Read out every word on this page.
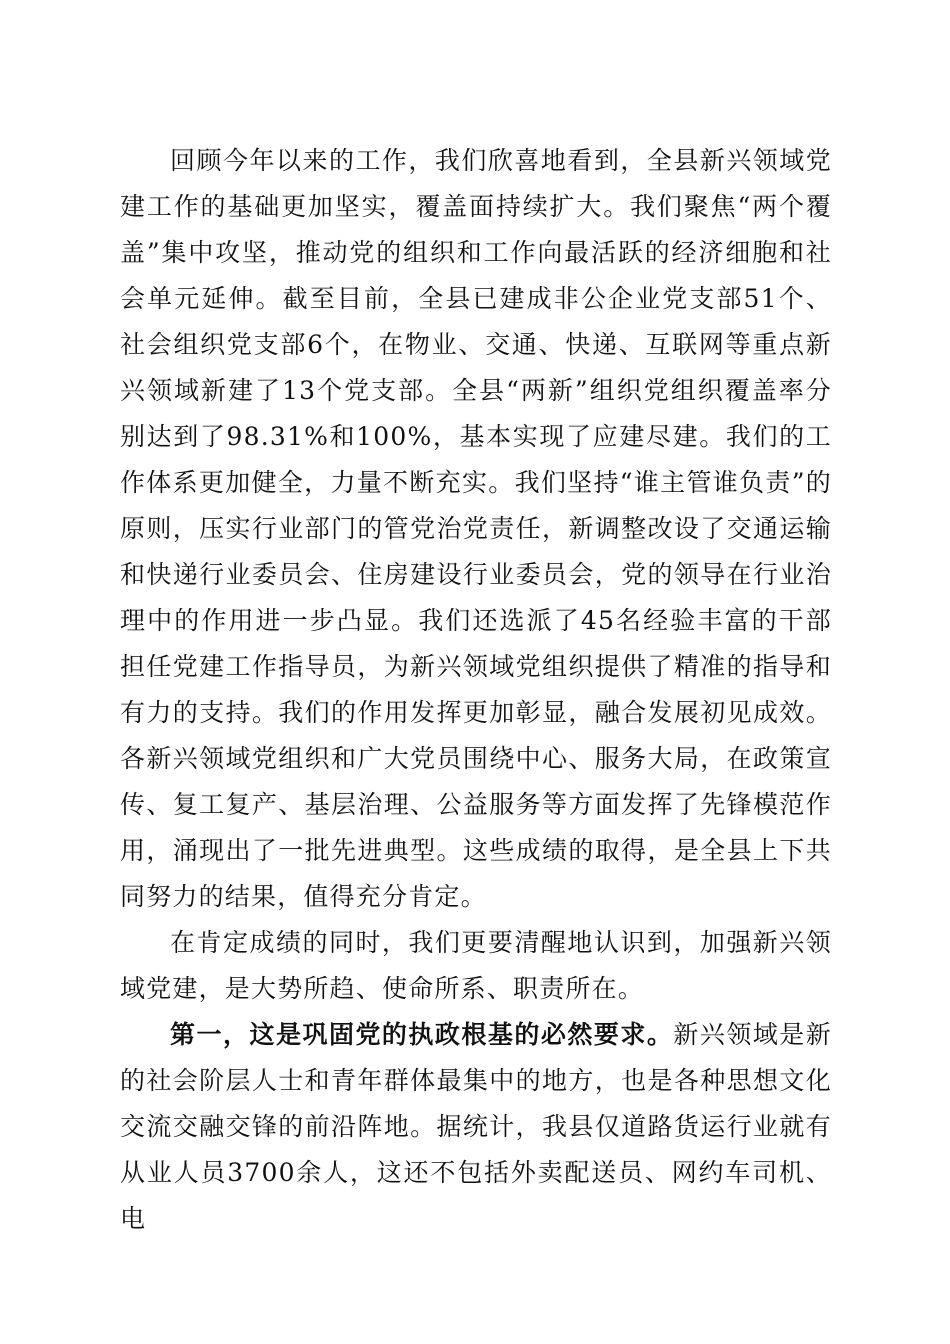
回顾今年以来的工作，我们欣喜地看到，全县新兴领域党建工作的基础更加坚实，覆盖面持续扩大。我们聚焦“两个覆盖”集中攻坚，推动党的组织和工作向最活跃的经济细胞和社会单元延伸。截至目前，全县已建成非公企业党支部51个、社会组织党支部6个，在物业、交通、快递、互联网等重点新兴领域新建了13个党支部。全县“两新”组织党组织覆盖率分别达到了98.31%和100%，基本实现了应建尽建。我们的工作体系更加健全，力量不断充实。我们坚持“谁主管谁负责”的原则，压实行业部门的管党治党责任，新调整改设了交通运输和快递行业委员会、住房建设行业委员会，党的领导在行业治理中的作用进一步凸显。我们还选派了45名经验丰富的干部担任党建工作指导员，为新兴领域党组织提供了精准的指导和有力的支持。我们的作用发挥更加彰显，融合发展初见成效。各新兴领域党组织和广大党员围绕中心、服务大局，在政策宣传、复工复产、基层治理、公益服务等方面发挥了先锋模范作用，涌现出了一批先进典型。这些成绩的取得，是全县上下共同努力的结果，值得充分肯定。

在肯定成绩的同时，我们更要清醒地认识到，加强新兴领域党建，是大势所趋、使命所系、职责所在。

第一，这是巩固党的执政根基的必然要求。新兴领域是新的社会阶层人士和青年群体最集中的地方，也是各种思想文化交流交融交锋的前沿阵地。据统计，我县仅道路货运行业就有从业人员3700余人，这还不包括外卖配送员、网约车司机、电
